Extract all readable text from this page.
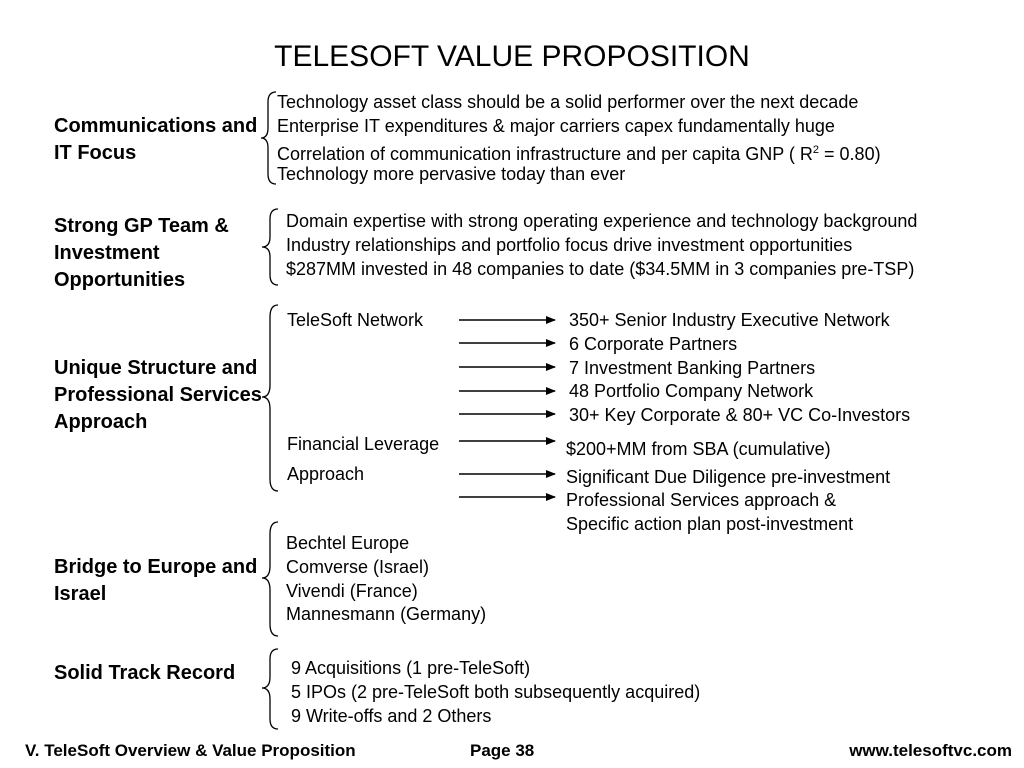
TELESOFT VALUE PROPOSITION
Communications and IT Focus
Technology asset class should be a solid performer over the next decade
Enterprise IT expenditures & major carriers capex fundamentally huge
Correlation of communication infrastructure and per capita GNP ( $R^2 = 0.80$)
Technology more pervasive today than ever
Strong GP Team & Investment Opportunities
Domain expertise with strong operating experience and technology background
Industry relationships and portfolio focus drive investment opportunities
$287MM invested in 48 companies to date ($34.5MM in 3 companies pre-TSP)
Unique Structure and Professional Services Approach
TeleSoft Network
Financial Leverage
Approach
350+ Senior Industry Executive Network
6 Corporate Partners
7 Investment Banking Partners
48 Portfolio Company Network
30+ Key Corporate & 80+ VC Co-Investors
$200+MM from SBA (cumulative)
Significant Due Diligence pre-investment
Professional Services approach &
Specific action plan post-investment
Bridge to Europe and Israel
Bechtel Europe
Comverse (Israel)
Vivendi (France)
Mannesmann (Germany)
Solid Track Record	9 Acquisitions (1 pre-TeleSoft)
5 IPOs (2 pre-TeleSoft both subsequently acquired)
9 Write-offs and 2 Others
V. TeleSoft Overview & Value Proposition	Page 38	www.telesoftvc.com
